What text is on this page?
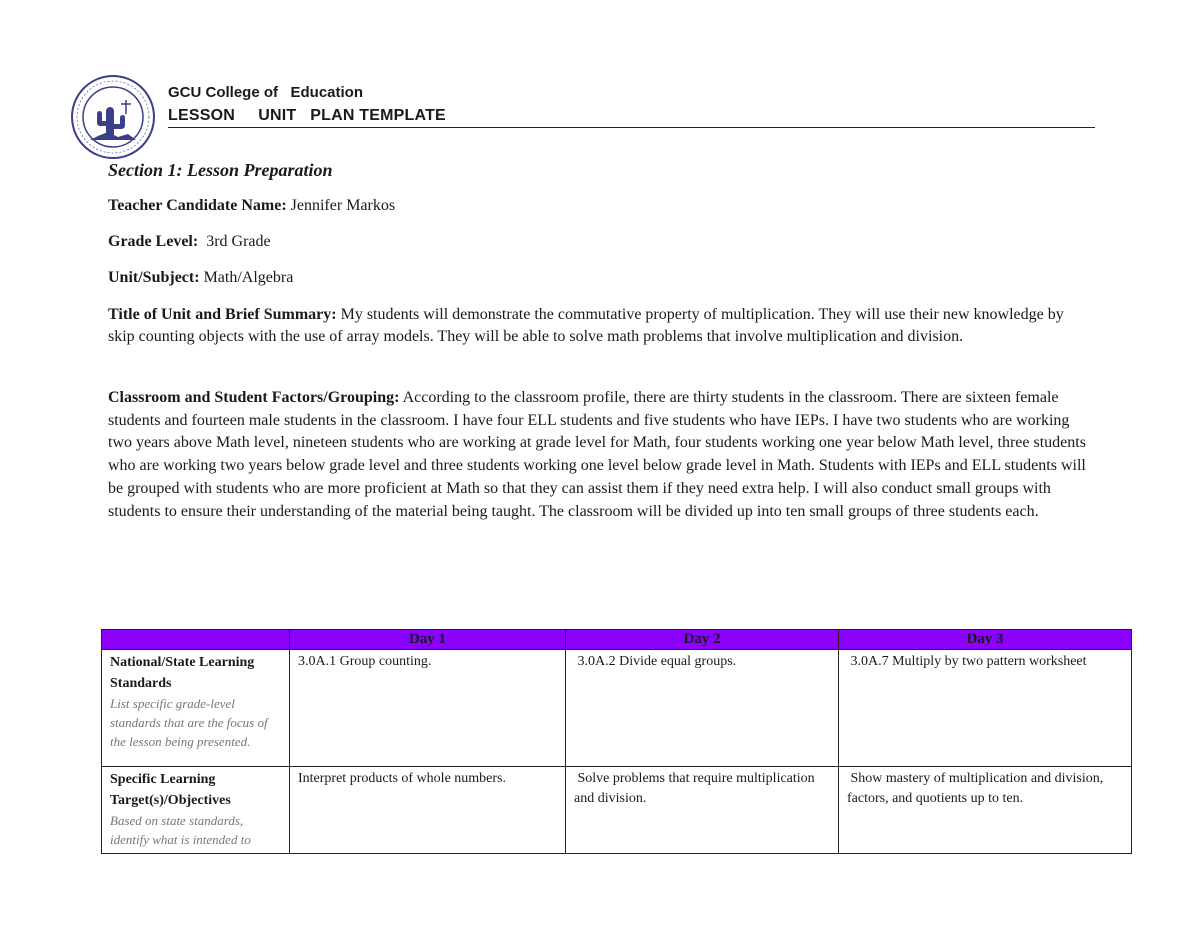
GCU College of   Education
LESSON     UNIT   PLAN TEMPLATE
Section 1: Lesson Preparation
Teacher Candidate Name: Jennifer Markos
Grade Level:  3rd Grade
Unit/Subject: Math/Algebra
Title of Unit and Brief Summary: My students will demonstrate the commutative property of multiplication. They will use their new knowledge by skip counting objects with the use of array models. They will be able to solve math problems that involve multiplication and division.
Classroom and Student Factors/Grouping: According to the classroom profile, there are thirty students in the classroom. There are sixteen female students and fourteen male students in the classroom. I have four ELL students and five students who have IEPs. I have two students who are working two years above Math level, nineteen students who are working at grade level for Math, four students working one year below Math level, three students who are working two years below grade level and three students working one level below grade level in Math. Students with IEPs and ELL students will be grouped with students who are more proficient at Math so that they can assist them if they need extra help. I will also conduct small groups with students to ensure their understanding of the material being taught. The classroom will be divided up into ten small groups of three students each.
	Day 1	Day 2	Day 3

National/State Learning Standards
List specific grade-level standards that are the focus of the lesson being presented.	3.0A.1 Group counting.	3.0A.2 Divide equal groups.	3.0A.7 Multiply by two pattern worksheet

Specific Learning Target(s)/Objectives
Based on state standards, identify what is intended to	Interpret products of whole numbers.	Solve problems that require multiplication and division.	Show mastery of multiplication and division, factors, and quotients up to ten.
